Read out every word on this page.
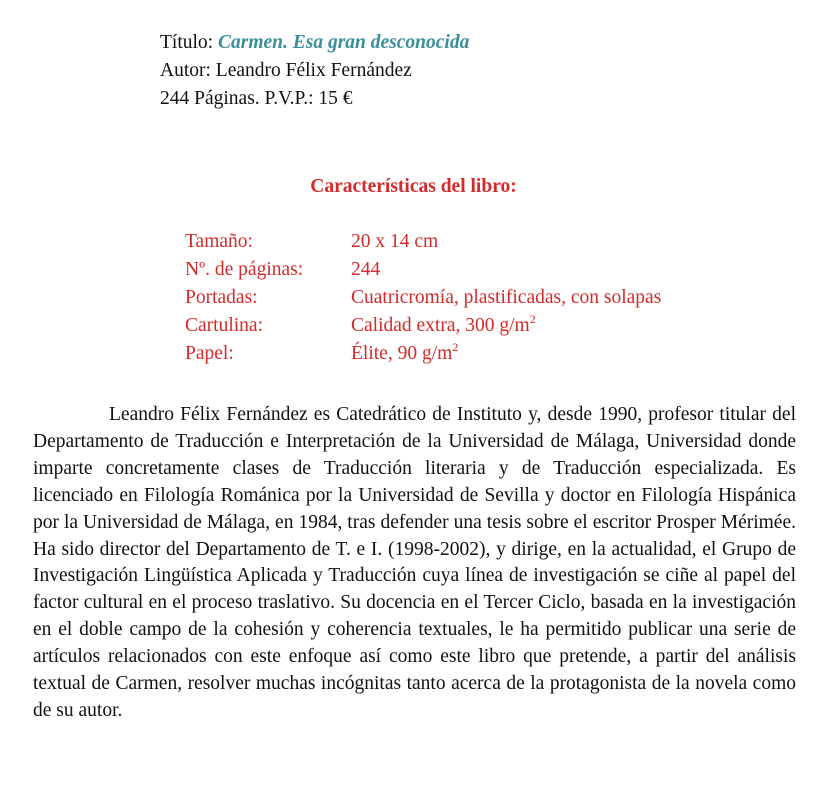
Título: Carmen. Esa gran desconocida
Autor: Leandro Félix Fernández
244 Páginas. P.V.P.: 15 €
Características del libro:
Tamaño:	20 x 14 cm
Nº. de páginas: 244
Portadas:	Cuatricromía, plastificadas, con solapas
Cartulina:	Calidad extra, 300 $g/m^2$
Papel:	Élite, 90 $g/m^2$

Leandro Félix Fernández es Catedrático de Instituto y, desde 1990, profesor titular del Departamento de Traducción e Interpretación de la Universidad de Málaga, Universidad donde imparte concretamente clases de Traducción literaria y de Traducción especializada. Es licenciado en Filología Románica por la Universidad de Sevilla y doctor en Filología Hispánica por la Universidad de Málaga, en 1984, tras defender una tesis sobre el escritor Prosper Mérimée. Ha sido director del Departamento de T. e I. (1998-2002), y dirige, en la actualidad, el Grupo de Investigación Lingüística Aplicada y Traducción cuya línea de investigación se ciñe al papel del factor cultural en el proceso traslativo. Su docencia en el Tercer Ciclo, basada en la investigación en el doble campo de la cohesión y coherencia textuales, le ha permitido publicar una serie de artículos relacionados con este enfoque así como este libro que pretende, a partir del análisis textual de Carmen, resolver muchas incógnitas tanto acerca de la protagonista de la novela como de su autor.
